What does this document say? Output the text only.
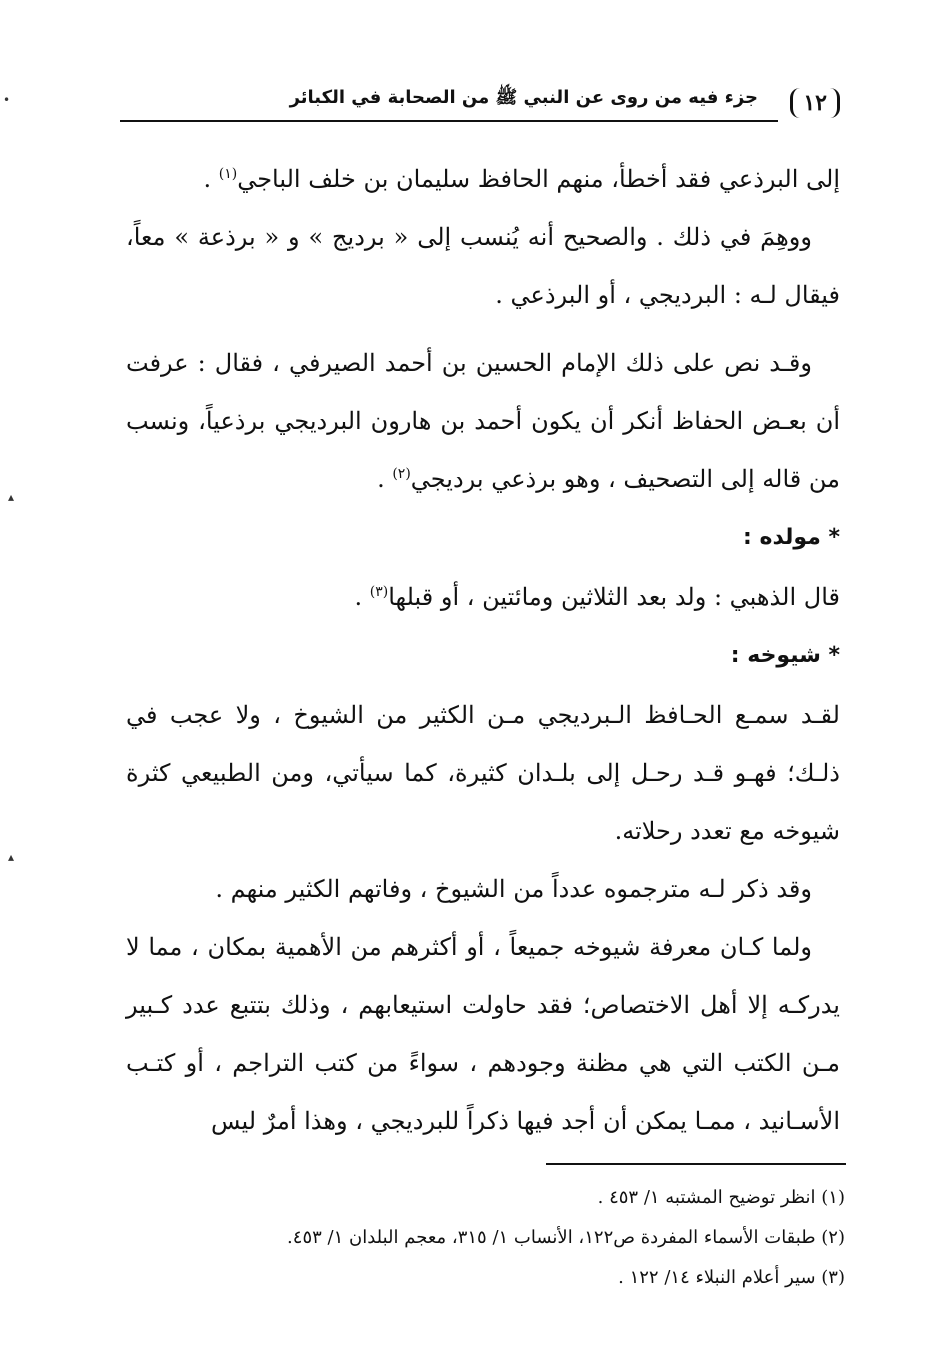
١٢
جزء فيه من روى عن النبي ﷺ من الصحابة في الكبائر

إلى البرذعي فقد أخطأ، منهم الحافظ سليمان بن خلف الباجي$^{(١)}$ .

ووهِمَ في ذلك . والصحيح أنه يُنسب إلى « برديج » و « برذعة » معاً، فيقال لـه : البرديجي ، أو البرذعي .

وقـد نص على ذلك الإمام الحسين بن أحمد الصيرفي ، فقال : عرفت أن بعـض الحفاظ أنكر أن يكون أحمد بن هارون البرديجي برذعياً، ونسب من قاله إلى التصحيف ، وهو برذعي برديجي$^{(٢)}$ .

* مولده :

قال الذهبي : ولد بعد الثلاثين ومائتين ، أو قبلها$^{(٣)}$ .

* شيوخه :

لقـد سمـع الحـافظ الـبرديجي مـن الكثير من الشيوخ ، ولا عجب في ذلـك؛ فهـو قـد رحـل إلى بلـدان كثيرة، كما سيأتي، ومن الطبيعي كثرة شيوخه مع تعدد رحلاته.

وقد ذكر لـه مترجموه عدداً من الشيوخ ، وفاتهم الكثير منهم .

ولما كـان معرفة شيوخه جميعاً ، أو أكثرهم من الأهمية بمكان ، مما لا يدركـه إلا أهل الاختصاص؛ فقد حاولت استيعابهم ، وذلك بتتبع عدد كـبير مـن الكتب التي هي مظنة وجودهم ، سواءً من كتب التراجم ، أو كتـب الأسـانيد ، ممـا يمكن أن أجد فيها ذكراً للبرديجي ، وهذا أمرٌ ليس

(١) انظر توضيح المشتبه ١/ ٤٥٣ .

(٢) طبقات الأسماء المفردة ص١٢٢، الأنساب ١/ ٣١٥، معجم البلدان ١/ ٤٥٣.

(٣) سير أعلام النبلاء ١٤/ ١٢٢ .

•
▴
▴
